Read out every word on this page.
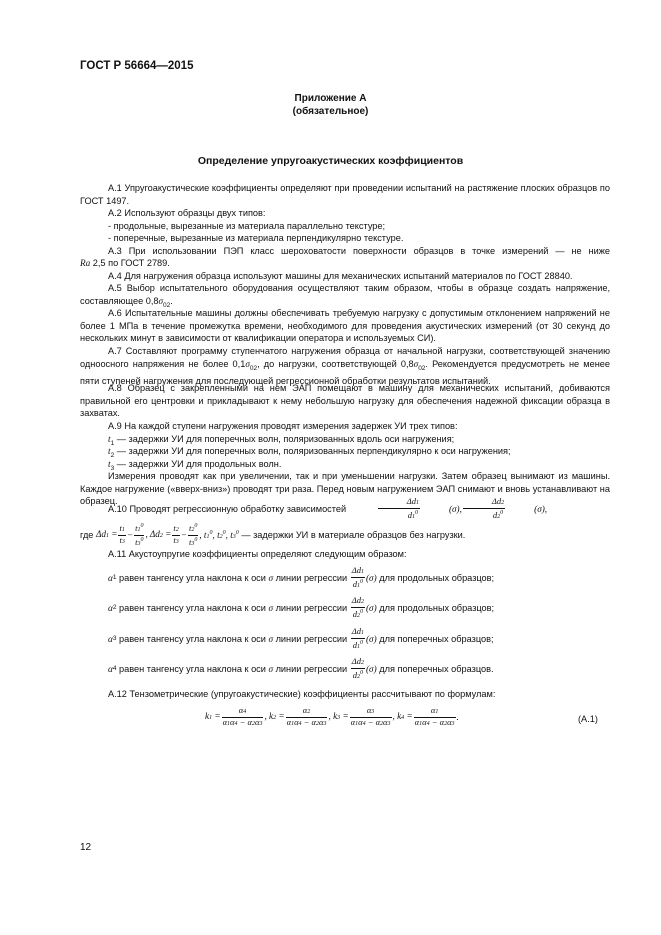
ГОСТ Р 56664—2015
Приложение А
(обязательное)
Определение упругоакустических коэффициентов
А.1 Упругоакустические коэффициенты определяют при проведении испытаний на растяжение плоских образцов по ГОСТ 1497.
А.2 Используют образцы двух типов:
- продольные, вырезанные из материала параллельно текстуре;
- поперечные, вырезанные из материала перпендикулярно текстуре.
А.3 При использовании ПЭП класс шероховатости поверхности образцов в точке измерений — не ниже
Ra 2,5 по ГОСТ 2789.
А.4 Для нагружения образца используют машины для механических испытаний материалов по ГОСТ 28840.
А.5 Выбор испытательного оборудования осуществляют таким образом, чтобы в образце создать напряжение, составляющее $0,8\sigma_{02}$.
А.6 Испытательные машины должны обеспечивать требуемую нагрузку с допустимым отклонением напряжений не более 1 МПа в течение промежутка времени, необходимого для проведения акустических измерений (от 30 секунд до нескольких минут в зависимости от квалификации оператора и используемых СИ).
А.7 Составляют программу ступенчатого нагружения образца от начальной нагрузки, соответствующей значению одноосного напряжения не более $0,1\sigma_{02}$, до нагрузки, соответствующей $0,8\sigma_{02}$. Рекомендуется предусмотреть не менее пяти ступеней нагружения для последующей регрессионной обработки результатов испытаний.
А.8 Образец с закрепленными на нем ЭАП помещают в машину для механических испытаний, добиваются правильной его центровки и прикладывают к нему небольшую нагрузку для обеспечения надежной фиксации образца в захватах.
А.9 На каждой ступени нагружения проводят измерения задержек УИ трех типов:
$t_1$ — задержки УИ для поперечных волн, поляризованных вдоль оси нагружения;
$t_2$ — задержки УИ для поперечных волн, поляризованных перпендикулярно к оси нагружения;
$t_3$ — задержки УИ для продольных волн.
Измерения проводят как при увеличении, так и при уменьшении нагрузки. Затем образец вынимают из машины. Каждое нагружение («вверх-вниз») проводят три раза. Перед новым нагружением ЭАП снимают и вновь устанавливают на образец.
А.10 Проводят регрессионную обработку зависимостей
	$\frac{\Delta d1}{d1^0}$	(σ), $\frac{\Delta d2}{d2^0}$	(σ),
где
$\Delta d1 = \frac{t1}{t3} - \frac{t1^0}{t3^0}$ , $\Delta d2 = \frac{t2}{t3} - \frac{t2^0}{t3^0}$ , $t1^0$, $t2^0$, $t3^0$
— задержки УИ в материале образцов без нагрузки.
А.11 Акустоупругие коэффициенты определяют следующим образом:
α 1
равен тангенсу угла наклона к оси
σ
линии регрессии
$\frac{\Delta d1}{d1^0} (\sigma)$
для продольных образцов;
α 2
равен тангенсу угла наклона к оси
σ
линии регрессии
$\frac{\Delta d2}{d2^0} (\sigma)$
для продольных образцов;
α 3
равен тангенсу угла наклона к оси
σ
линии регрессии
$\frac{\Delta d1}{d1^0} (\sigma)$
для поперечных образцов;
α 4
равен тангенсу угла наклона к оси
σ
линии регрессии
$\frac{\Delta d2}{d2^0} (\sigma)$
для поперечных образцов.
А.12 Тензометрические (упругоакустические) коэффициенты рассчитывают по формулам:
$k1 = \frac{\alpha 4}{\alpha 1\alpha 4 - \alpha 2\alpha 3}$ , $k2 = \frac{\alpha 2}{\alpha 1\alpha 4 - \alpha 2\alpha 3}$ , $k3 = \frac{\alpha 3}{\alpha 1\alpha 4 - \alpha 2\alpha 3}$ , $k4 = \frac{\alpha 1}{\alpha 1\alpha 4 - \alpha 2\alpha 3}$ .	(А.1)
12
